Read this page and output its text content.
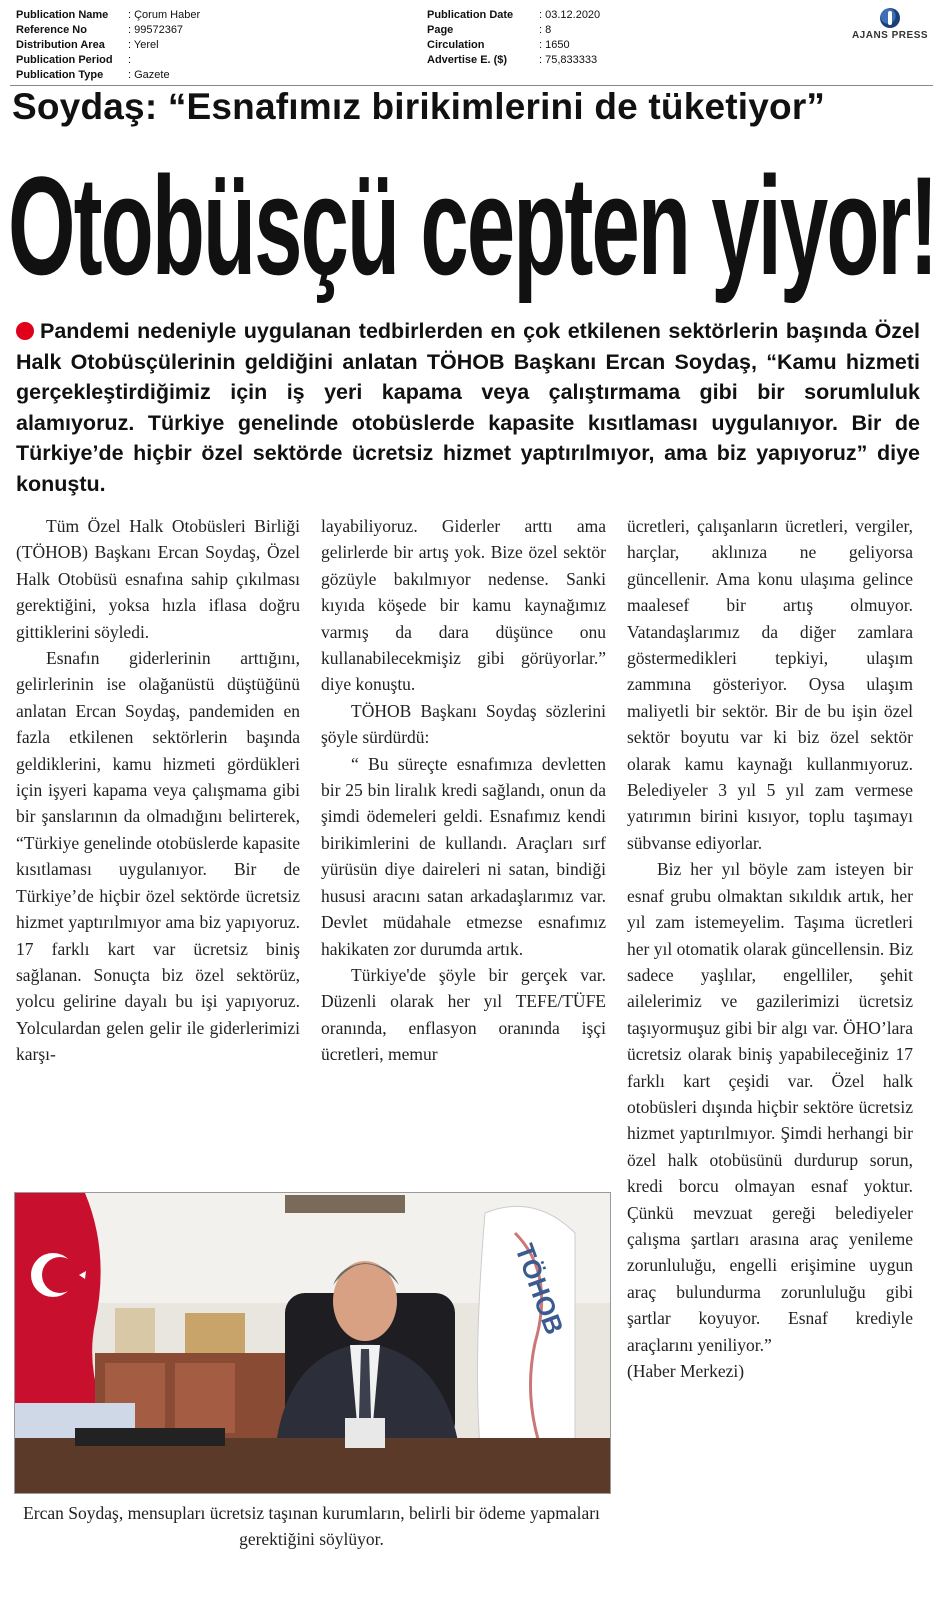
Publication Name	: Çorum Haber
Reference No	: 99572367
Distribution Area	: Yerel
Publication Period	:
Publication Type	: Gazete
Publication Date	: 03.12.2020
Page	: 8
Circulation	: 1650
Advertise E. ($)	: 75,833333
AJANS PRESS
Soydaş: “Esnafımız birikimlerini de tüketiyor”
Otobüsçü cepten yiyor!
Pandemi nedeniyle uygulanan tedbirlerden en çok etkilenen sektörlerin başında Özel Halk Otobüsçülerinin geldiğini anlatan TÖHOB Başkanı Ercan Soydaş, “Kamu hizmeti gerçekleştirdiğimiz için iş yeri kapama veya çalıştırmama gibi bir sorumluluk alamıyoruz. Türkiye genelinde otobüslerde kapasite kısıtlaması uygulanıyor. Bir de Türkiye’de hiçbir özel sektörde ücretsiz hizmet yaptırılmıyor, ama biz yapıyoruz” diye konuştu.

Tüm Özel Halk Otobüsleri Birliği (TÖHOB) Başkanı Ercan Soydaş, Özel Halk Otobüsü esnafına sahip çıkılması gerektiğini, yoksa hızla iflasa doğru gittiklerini söyledi.

Esnafın giderlerinin arttığını, gelirlerinin ise olağanüstü düştüğünü anlatan Ercan Soydaş, pandemiden en fazla etkilenen sektörlerin başında geldiklerini, kamu hizmeti gördükleri için işyeri kapama veya çalışmama gibi bir şanslarının da olmadığını belirterek, “Türkiye genelinde otobüslerde kapasite kısıtlaması uygulanıyor. Bir de Türkiye’de hiçbir özel sektörde ücretsiz hizmet yaptırılmıyor ama biz yapıyoruz. 17 farklı kart var ücretsiz biniş sağlanan. Sonuçta biz özel sektörüz, yolcu gelirine dayalı bu işi yapıyoruz. Yolculardan gelen gelir ile giderlerimizi karşı-

layabiliyoruz. Giderler arttı ama gelirlerde bir artış yok. Bize özel sektör gözüyle bakılmıyor nedense. Sanki kıyıda köşede bir kamu kaynağımız varmış da dara düşünce onu kullanabilecekmişiz gibi görüyorlar.” diye konuştu.

TÖHOB Başkanı Soydaş sözlerini şöyle sürdürdü:

“ Bu süreçte esnafımıza devletten bir 25 bin liralık kredi sağlandı, onun da şimdi ödemeleri geldi. Esnafımız kendi birikimlerini de kullandı. Araçları sırf yürüsün diye daireleri ni satan, bindiği hususi aracını satan arkadaşlarımız var. Devlet müdahale etmezse esnafımız hakikaten zor durumda artık.

Türkiye'de şöyle bir gerçek var. Düzenli olarak her yıl TEFE/TÜFE oranında, enflasyon oranında işçi ücretleri, memur

ücretleri, çalışanların ücretleri, vergiler, harçlar, aklınıza ne geliyorsa güncellenir. Ama konu ulaşıma gelince maalesef bir artış olmuyor. Vatandaşlarımız da diğer zamlara göstermedikleri tepkiyi, ulaşım zammına gösteriyor. Oysa ulaşım maliyetli bir sektör. Bir de bu işin özel sektör boyutu var ki biz özel sektör olarak kamu kaynağı kullanmıyoruz. Belediyeler 3 yıl 5 yıl zam vermese yatırımın birini kısıyor, toplu taşımayı sübvanse ediyorlar.

Biz her yıl böyle zam isteyen bir esnaf grubu olmaktan sıkıldık artık, her yıl zam istemeyelim. Taşıma ücretleri her yıl otomatik olarak güncellensin. Biz sadece yaşlılar, engelliler, şehit ailelerimiz ve gazilerimizi ücretsiz taşıyormuşuz gibi bir algı var. ÖHO’lara ücretsiz olarak biniş yapabileceğiniz 17 farklı kart çeşidi var. Özel halk otobüsleri dışında hiçbir sektöre ücretsiz hizmet yaptırılmıyor. Şimdi herhangi bir özel halk otobüsünü durdurup sorun, kredi borcu olmayan esnaf yoktur. Çünkü mevzuat gereği belediyeler çalışma şartları arasına araç yenileme zorunluluğu, engelli erişimine uygun araç bulundurma zorunluluğu gibi şartlar koyuyor. Esnaf krediyle araçlarını yeniliyor.”

(Haber Merkezi)

TÖHOB
Ercan Soydaş, mensupları ücretsiz taşınan kurumların, belirli bir ödeme yapmaları gerektiğini söylüyor.
